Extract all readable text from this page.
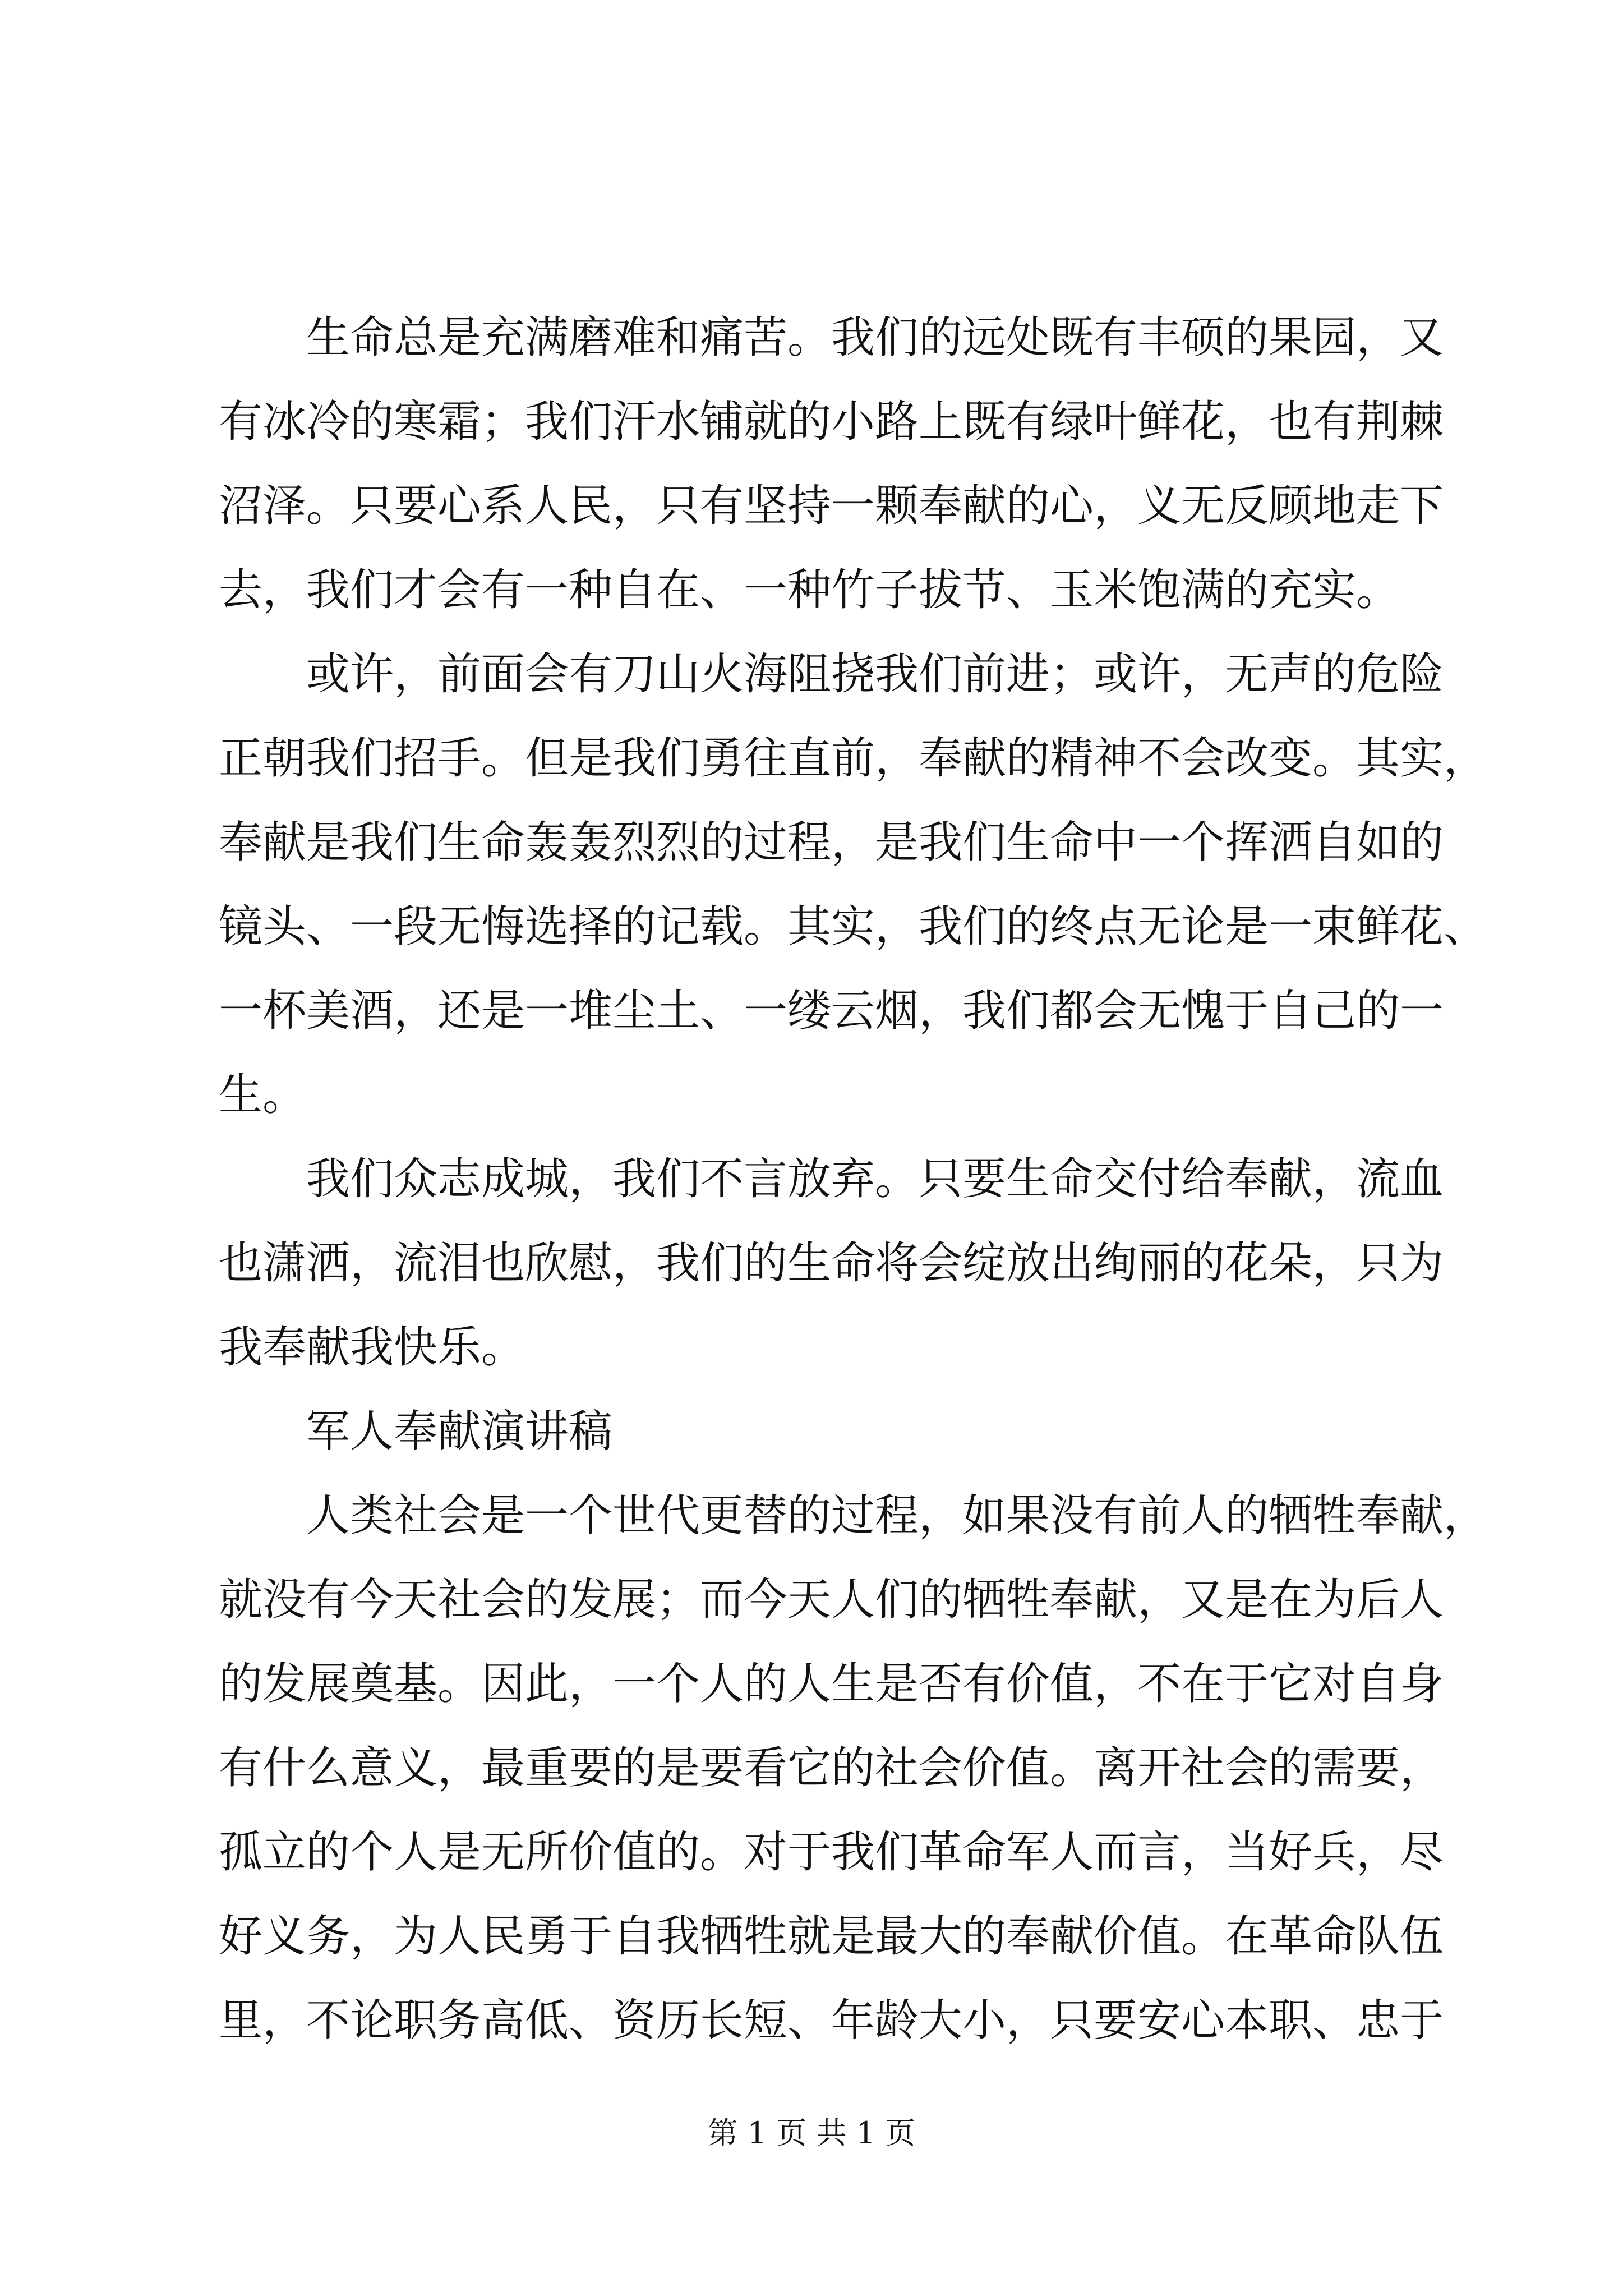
生命总是充满磨难和痛苦。我们的远处既有丰硕的果园，又
有冰冷的寒霜；我们汗水铺就的小路上既有绿叶鲜花，也有荆棘
沼泽。只要心系人民，只有坚持一颗奉献的心，义无反顾地走下
去，我们才会有一种自在、一种竹子拔节、玉米饱满的充实。
或许，前面会有刀山火海阻挠我们前进；或许，无声的危险
正朝我们招手。但是我们勇往直前，奉献的精神不会改变。其实，
奉献是我们生命轰轰烈烈的过程，是我们生命中一个挥洒自如的
镜头、一段无悔选择的记载。其实，我们的终点无论是一束鲜花、
一杯美酒，还是一堆尘土、一缕云烟，我们都会无愧于自己的一
生。
我们众志成城，我们不言放弃。只要生命交付给奉献，流血
也潇洒，流泪也欣慰，我们的生命将会绽放出绚丽的花朵，只为
我奉献我快乐。
军人奉献演讲稿
人类社会是一个世代更替的过程，如果没有前人的牺牲奉献，
就没有今天社会的发展；而今天人们的牺牲奉献，又是在为后人
的发展奠基。因此，一个人的人生是否有价值，不在于它对自身
有什么意义，最重要的是要看它的社会价值。离开社会的需要，
孤立的个人是无所价值的。对于我们革命军人而言，当好兵，尽
好义务，为人民勇于自我牺牲就是最大的奉献价值。在革命队伍
里，不论职务高低、资历长短、年龄大小，只要安心本职、忠于
第 1 页 共 1 页
